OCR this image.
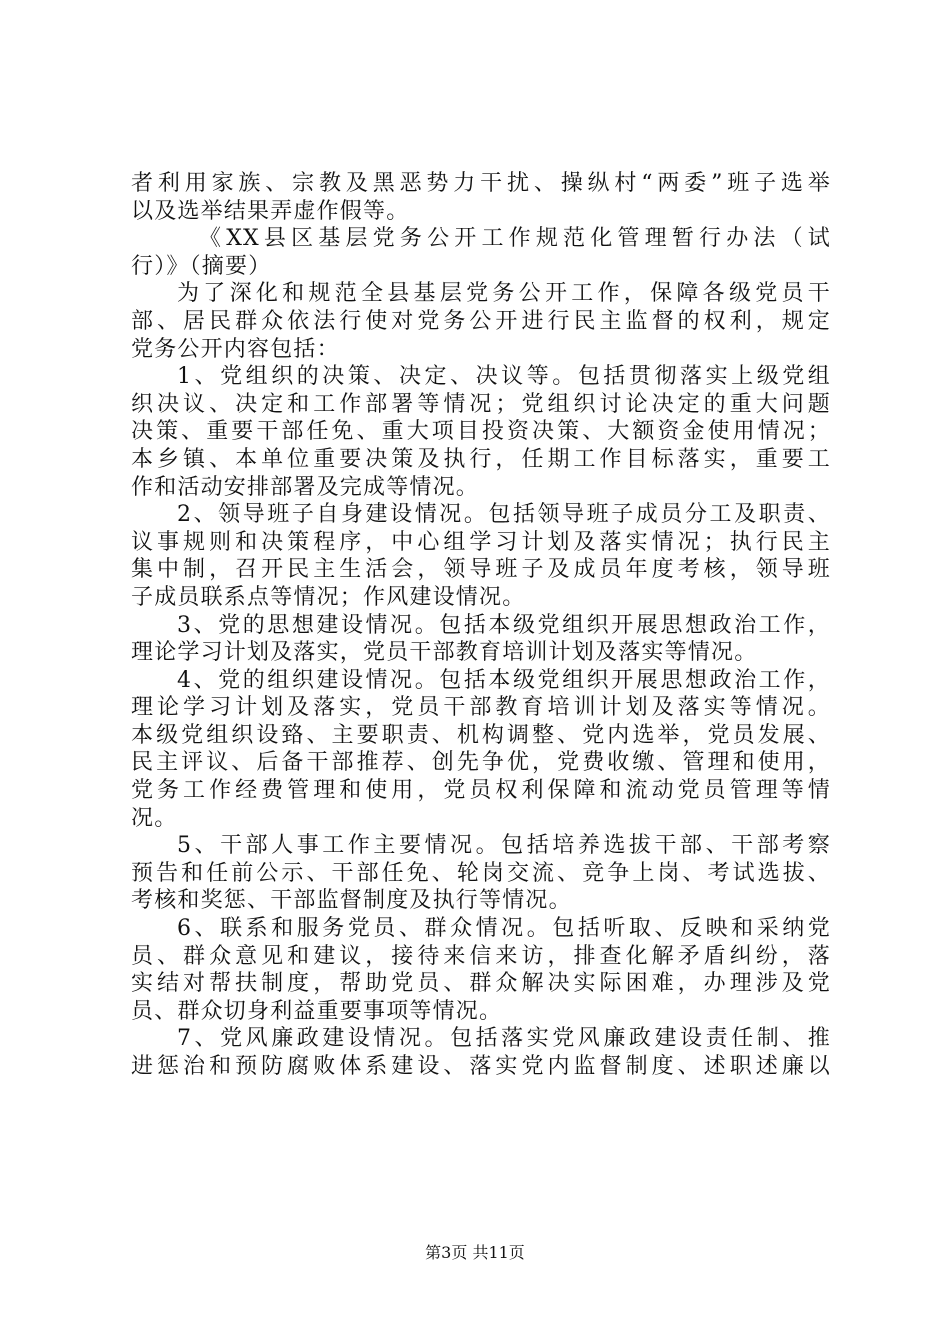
者利用家族、宗教及黑恶势力干扰、操纵村“两委”班子选举
以及选举结果弄虚作假等。
《XX县区基层党务公开工作规范化管理暂行办法（试
行）》（摘要）
为了深化和规范全县基层党务公开工作，保障各级党员干
部、居民群众依法行使对党务公开进行民主监督的权利，规定
党务公开内容包括：
1、党组织的决策、决定、决议等。包括贯彻落实上级党组
织决议、决定和工作部署等情况；党组织讨论决定的重大问题
决策、重要干部任免、重大项目投资决策、大额资金使用情况；
本乡镇、本单位重要决策及执行，任期工作目标落实，重要工
作和活动安排部署及完成等情况。
2、领导班子自身建设情况。包括领导班子成员分工及职责、
议事规则和决策程序，中心组学习计划及落实情况；执行民主
集中制，召开民主生活会，领导班子及成员年度考核，领导班
子成员联系点等情况；作风建设情况。
3、党的思想建设情况。包括本级党组织开展思想政治工作，
理论学习计划及落实，党员干部教育培训计划及落实等情况。
4、党的组织建设情况。包括本级党组织开展思想政治工作，
理论学习计划及落实，党员干部教育培训计划及落实等情况。
本级党组织设臵、主要职责、机构调整、党内选举，党员发展、
民主评议、后备干部推荐、创先争优，党费收缴、管理和使用，
党务工作经费管理和使用，党员权利保障和流动党员管理等情
况。
5、干部人事工作主要情况。包括培养选拔干部、干部考察
预告和任前公示、干部任免、轮岗交流、竞争上岗、考试选拔、
考核和奖惩、干部监督制度及执行等情况。
6、联系和服务党员、群众情况。包括听取、反映和采纳党
员、群众意见和建议，接待来信来访，排查化解矛盾纠纷，落
实结对帮扶制度，帮助党员、群众解决实际困难，办理涉及党
员、群众切身利益重要事项等情况。
7、党风廉政建设情况。包括落实党风廉政建设责任制、推
进惩治和预防腐败体系建设、落实党内监督制度、述职述廉以
第3页 共11页
